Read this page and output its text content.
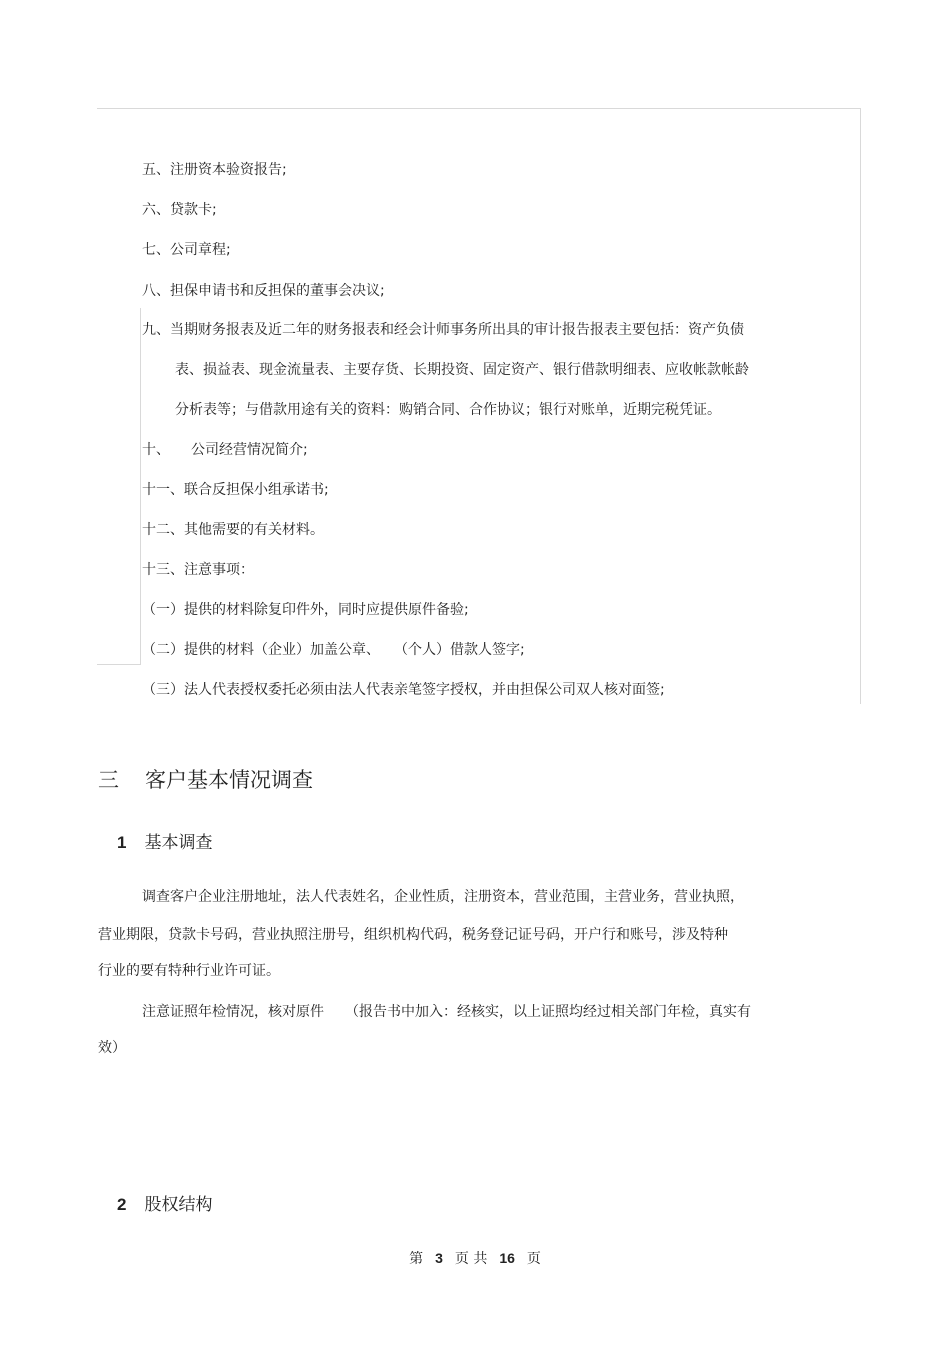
五、注册资本验资报告;
六、贷款卡;
七、公司章程;
八、担保申请书和反担保的董事会决议;
九、当期财务报表及近二年的财务报表和经会计师事务所出具的审计报告报表主要包括：资产负债
表、损益表、现金流量表、主要存货、长期投资、固定资产、银行借款明细表、应收帐款帐龄
分析表等；与借款用途有关的资料：购销合同、合作协议；银行对账单，近期完税凭证。
十、　　公司经营情况简介;
十一、联合反担保小组承诺书;
十二、其他需要的有关材料。
十三、注意事项：
（一）提供的材料除复印件外，同时应提供原件备验;
（二）提供的材料（企业）加盖公章、　　（个人）借款人签字;
（三）法人代表授权委托必须由法人代表亲笔签字授权，并由担保公司双人核对面签;
三 客户基本情况调查
1 基本调查
调查客户企业注册地址，法人代表姓名，企业性质，注册资本，营业范围，主营业务，营业执照，
营业期限，贷款卡号码，营业执照注册号，组织机构代码，税务登记证号码，开户行和账号，涉及特种
行业的要有特种行业许可证。
注意证照年检情况，核对原件　　（报告书中加入：经核实，以上证照均经过相关部门年检，真实有
效）
2 股权结构
第 3 页 共 16 页
